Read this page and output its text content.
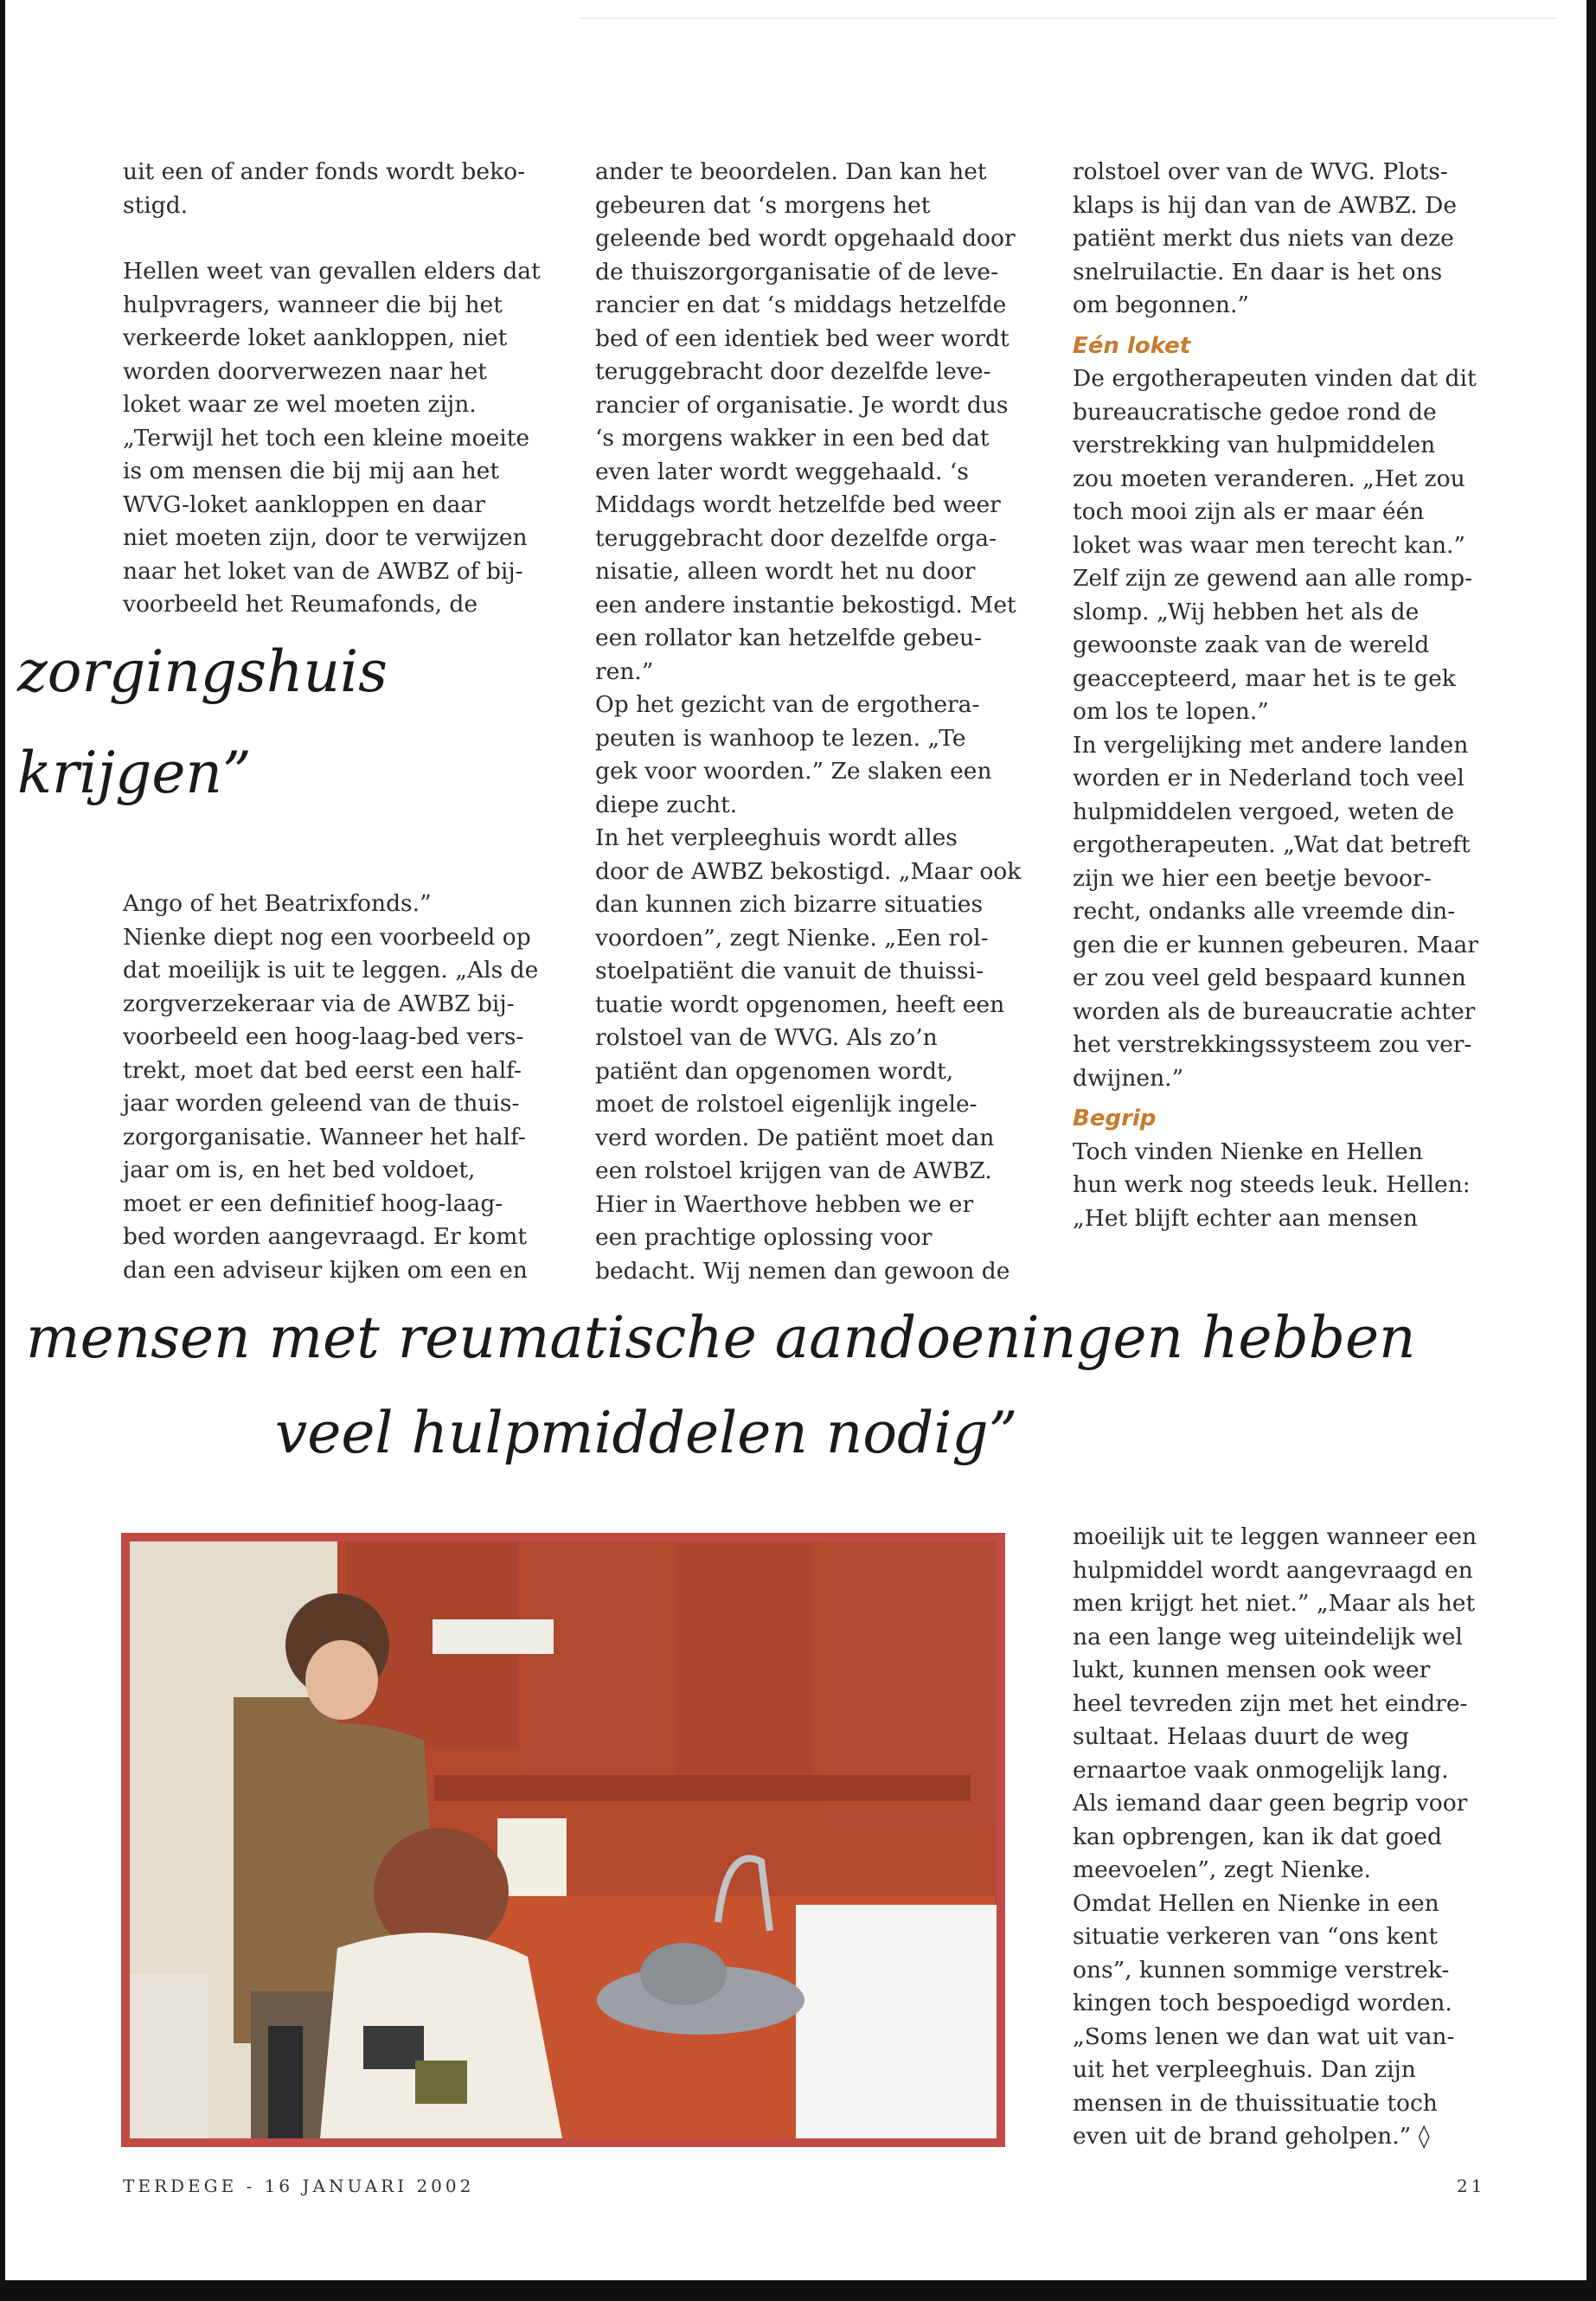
uit een of ander fonds wordt beko-

stigd.

Hellen weet van gevallen elders dat

hulpvragers, wanneer die bij het

verkeerde loket aankloppen, niet

worden doorverwezen naar het

loket waar ze wel moeten zijn.

„Terwijl het toch een kleine moeite

is om mensen die bij mij aan het

WVG-loket aankloppen en daar

niet moeten zijn, door te verwijzen

naar het loket van de AWBZ of bij-

voorbeeld het Reumafonds, de

zorgingshuis

krijgen”

Ango of het Beatrixfonds.”

Nienke diept nog een voorbeeld op

dat moeilijk is uit te leggen. „Als de

zorgverzekeraar via de AWBZ bij-

voorbeeld een hoog-laag-bed vers-

trekt, moet dat bed eerst een half-

jaar worden geleend van de thuis-

zorgorganisatie. Wanneer het half-

jaar om is, en het bed voldoet,

moet er een definitief hoog-laag-

bed worden aangevraagd. Er komt

dan een adviseur kijken om een en

ander te beoordelen. Dan kan het

gebeuren dat ‘s morgens het

geleende bed wordt opgehaald door

de thuiszorgorganisatie of de leve-

rancier en dat ‘s middags hetzelfde

bed of een identiek bed weer wordt

teruggebracht door dezelfde leve-

rancier of organisatie. Je wordt dus

‘s morgens wakker in een bed dat

even later wordt weggehaald. ‘s

Middags wordt hetzelfde bed weer

teruggebracht door dezelfde orga-

nisatie, alleen wordt het nu door

een andere instantie bekostigd. Met

een rollator kan hetzelfde gebeu-

ren.”

Op het gezicht van de ergothera-

peuten is wanhoop te lezen. „Te

gek voor woorden.” Ze slaken een

diepe zucht.

In het verpleeghuis wordt alles

door de AWBZ bekostigd. „Maar ook

dan kunnen zich bizarre situaties

voordoen”, zegt Nienke. „Een rol-

stoelpatiënt die vanuit de thuissi-

tuatie wordt opgenomen, heeft een

rolstoel van de WVG. Als zo’n

patiënt dan opgenomen wordt,

moet de rolstoel eigenlijk ingele-

verd worden. De patiënt moet dan

een rolstoel krijgen van de AWBZ.

Hier in Waerthove hebben we er

een prachtige oplossing voor

bedacht. Wij nemen dan gewoon de

rolstoel over van de WVG. Plots-

klaps is hij dan van de AWBZ. De

patiënt merkt dus niets van deze

snelruilactie. En daar is het ons

om begonnen.”

Eén loket

De ergotherapeuten vinden dat dit

bureaucratische gedoe rond de

verstrekking van hulpmiddelen

zou moeten veranderen. „Het zou

toch mooi zijn als er maar één

loket was waar men terecht kan.”

Zelf zijn ze gewend aan alle romp-

slomp. „Wij hebben het als de

gewoonste zaak van de wereld

geaccepteerd, maar het is te gek

om los te lopen.”

In vergelijking met andere landen

worden er in Nederland toch veel

hulpmiddelen vergoed, weten de

ergotherapeuten. „Wat dat betreft

zijn we hier een beetje bevoor-

recht, ondanks alle vreemde din-

gen die er kunnen gebeuren. Maar

er zou veel geld bespaard kunnen

worden als de bureaucratie achter

het verstrekkingssysteem zou ver-

dwijnen.”

Begrip

Toch vinden Nienke en Hellen

hun werk nog steeds leuk. Hellen:

„Het blijft echter aan mensen

mensen met reumatische aandoeningen hebben

veel hulpmiddelen nodig”

moeilijk uit te leggen wanneer een

hulpmiddel wordt aangevraagd en

men krijgt het niet.” „Maar als het

na een lange weg uiteindelijk wel

lukt, kunnen mensen ook weer

heel tevreden zijn met het eindre-

sultaat. Helaas duurt de weg

ernaartoe vaak onmogelijk lang.

Als iemand daar geen begrip voor

kan opbrengen, kan ik dat goed

meevoelen”, zegt Nienke.

Omdat Hellen en Nienke in een

situatie verkeren van “ons kent

ons”, kunnen sommige verstrek-

kingen toch bespoedigd worden.

„Soms lenen we dan wat uit van-

uit het verpleeghuis. Dan zijn

mensen in de thuissituatie toch

even uit de brand geholpen.” ◊

TERDEGE - 16 JANUARI 2002	21
